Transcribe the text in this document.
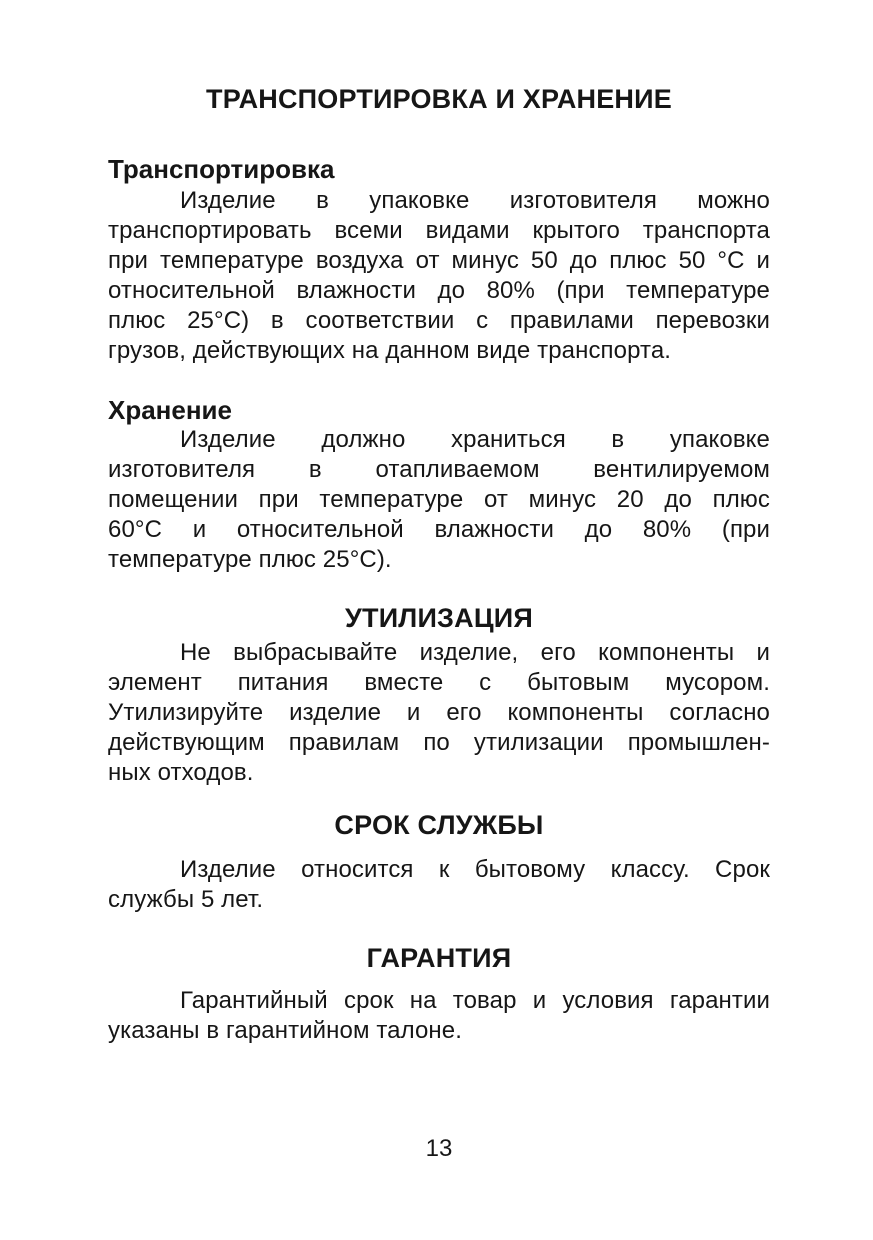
ТРАНСПОРТИРОВКА И ХРАНЕНИЕ
Транспортировка
Изделие в упаковке изготовителя можно
транспортировать всеми видами крытого транспорта
при температуре воздуха от минус 50 до плюс 50 °С и
относительной влажности до 80% (при температуре
плюс 25°С) в соответствии с правилами перевозки
грузов, действующих на данном виде транспорта.
Хранение
Изделие должно храниться в упаковке
изготовителя в отапливаемом вентилируемом
помещении при температуре от минус 20 до плюс
60°С и относительной влажности до 80% (при
температуре плюс 25°С).
УТИЛИЗАЦИЯ
Не выбрасывайте изделие, его компоненты и
элемент питания вместе с бытовым мусором.
Утилизируйте изделие и его компоненты согласно
действующим правилам по утилизации промышлен-
ных отходов.
СРОК СЛУЖБЫ
Изделие относится к бытовому классу. Срок
службы 5 лет.
ГАРАНТИЯ
Гарантийный срок на товар и условия гарантии
указаны в гарантийном талоне.
13
